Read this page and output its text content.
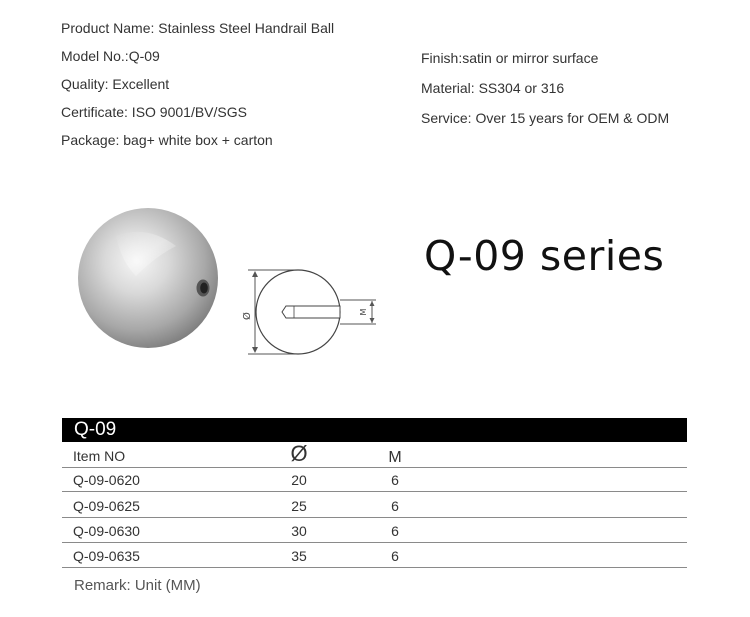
Product Name: Stainless Steel Handrail Ball
Model No.:Q-09
Quality: Excellent
Certificate: ISO 9001/BV/SGS
Package: bag+ white box + carton
Finish:satin or mirror surface
Material: SS304 or 316
Service: Over 15 years for OEM & ODM
Ø
M
Q-09 series
Q-09
Item NO	Ø	M
Q-09-0620	20	6
Q-09-0625	25	6
Q-09-0630	30	6
Q-09-0635	35	6
Remark: Unit (MM)
